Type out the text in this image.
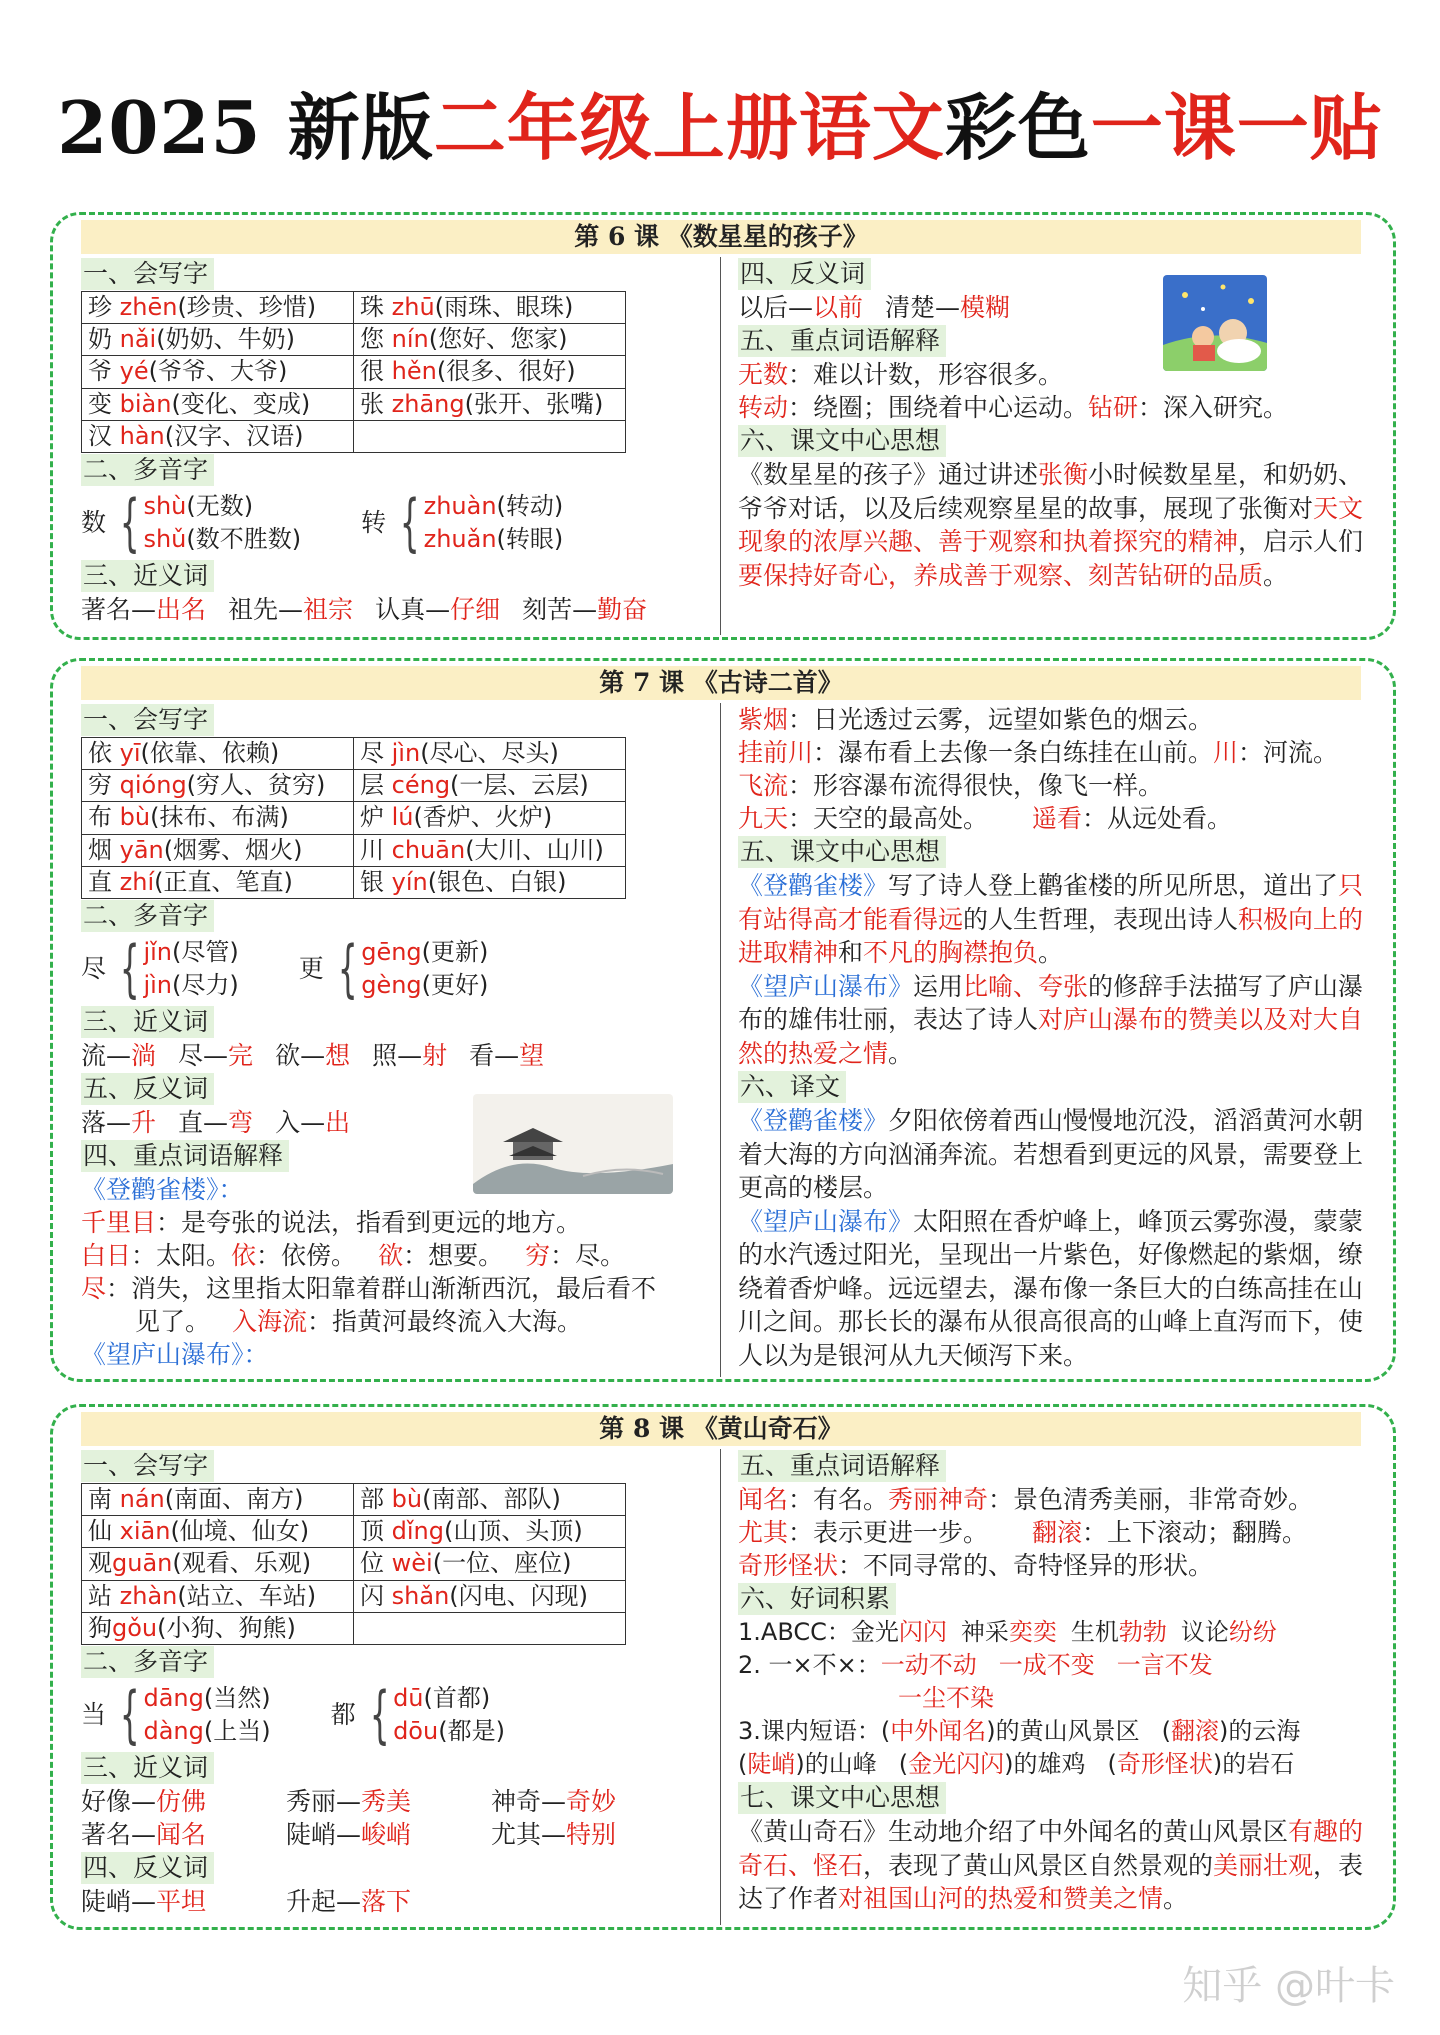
2025 新版二年级上册语文彩色一课一贴
第 6 课 《数星星的孩子》
一、会写字
珍 zhēn(珍贵、珍惜)	珠 zhū(雨珠、眼珠)
奶 nǎi(奶奶、牛奶)	您 nín(您好、您家)
爷 yé(爷爷、大爷)	很 hěn(很多、很好)
变 biàn(变化、变成)	张 zhāng(张开、张嘴)
汉 hàn(汉字、汉语)	
二、多音字
数 { shù(无数)
shǔ(数不胜数)
转 { zhuàn(转动)
zhuǎn(转眼)
三、近义词
著名—出名 祖先—祖宗 认真—仔细 刻苦—勤奋
四、反义词
以后—以前 清楚—模糊
五、重点词语解释
无数：难以计数，形容很多。
转动：绕圈；围绕着中心运动。钻研：深入研究。
六、课文中心思想
《数星星的孩子》通过讲述张衡小时候数星星，和奶奶、爷爷对话，以及后续观察星星的故事，展现了张衡对天文现象的浓厚兴趣、善于观察和执着探究的精神，启示人们要保持好奇心，养成善于观察、刻苦钻研的品质。
第 7 课 《古诗二首》
一、会写字
依 yī(依靠、依赖)	尽 jìn(尽心、尽头)
穷 qióng(穷人、贫穷)	层 céng(一层、云层)
布 bù(抹布、布满)	炉 lú(香炉、火炉)
烟 yān(烟雾、烟火)	川 chuān(大川、山川)
直 zhí(正直、笔直)	银 yín(银色、白银)
二、多音字
尽 { jǐn(尽管)
jìn(尽力)
更 { gēng(更新)
gèng(更好)
三、近义词
流—淌 尽—完 欲—想 照—射 看—望
五、反义词
落—升 直—弯 入—出
四、重点词语解释
《登鹳雀楼》：
千里目：是夸张的说法，指看到更远的地方。
白日：太阳。依：依傍。 欲：想要。 穷：尽。
尽：消失，这里指太阳靠着群山渐渐西沉，最后看不
见了。 入海流：指黄河最终流入大海。
《望庐山瀑布》：
紫烟：日光透过云雾，远望如紫色的烟云。
挂前川：瀑布看上去像一条白练挂在山前。川：河流。
飞流：形容瀑布流得很快，像飞一样。
九天：天空的最高处。 遥看：从远处看。
五、课文中心思想
《登鹳雀楼》写了诗人登上鹳雀楼的所见所思，道出了只有站得高才能看得远的人生哲理，表现出诗人积极向上的进取精神和不凡的胸襟抱负。
《望庐山瀑布》运用比喻、夸张的修辞手法描写了庐山瀑布的雄伟壮丽，表达了诗人对庐山瀑布的赞美以及对大自然的热爱之情。
六、译文
《登鹳雀楼》夕阳依傍着西山慢慢地沉没，滔滔黄河水朝着大海的方向汹涌奔流。若想看到更远的风景，需要登上更高的楼层。
《望庐山瀑布》太阳照在香炉峰上，峰顶云雾弥漫，蒙蒙的水汽透过阳光，呈现出一片紫色，好像燃起的紫烟，缭绕着香炉峰。远远望去，瀑布像一条巨大的白练高挂在山川之间。那长长的瀑布从很高很高的山峰上直泻而下，使人以为是银河从九天倾泻下来。
第 8 课 《黄山奇石》
一、会写字
南 nán(南面、南方)	部 bù(南部、部队)
仙 xiān(仙境、仙女)	顶 dǐng(山顶、头顶)
观guān(观看、乐观)	位 wèi(一位、座位)
站 zhàn(站立、车站)	闪 shǎn(闪电、闪现)
狗gǒu(小狗、狗熊)	
二、多音字
当 { dāng(当然)
dàng(上当)
都 { dū(首都)
dōu(都是)
三、近义词
好像—仿佛	秀丽—秀美	神奇—奇妙
著名—闻名	陡峭—峻峭	尤其—特别
四、反义词
陡峭—平坦	升起—落下
五、重点词语解释
闻名：有名。秀丽神奇：景色清秀美丽，非常奇妙。
尤其：表示更进一步。 翻滚：上下滚动；翻腾。
奇形怪状：不同寻常的、奇特怪异的形状。
六、好词积累
1.ABCC：金光闪闪 神采奕奕 生机勃勃 议论纷纷
2. 一×不×：一动不动 一成不变 一言不发
一尘不染
3.课内短语：(中外闻名)的黄山风景区 (翻滚)的云海
(陡峭)的山峰 (金光闪闪)的雄鸡 (奇形怪状)的岩石
七、课文中心思想
《黄山奇石》生动地介绍了中外闻名的黄山风景区有趣的奇石、怪石，表现了黄山风景区自然景观的美丽壮观，表达了作者对祖国山河的热爱和赞美之情。
知乎 @叶卡
